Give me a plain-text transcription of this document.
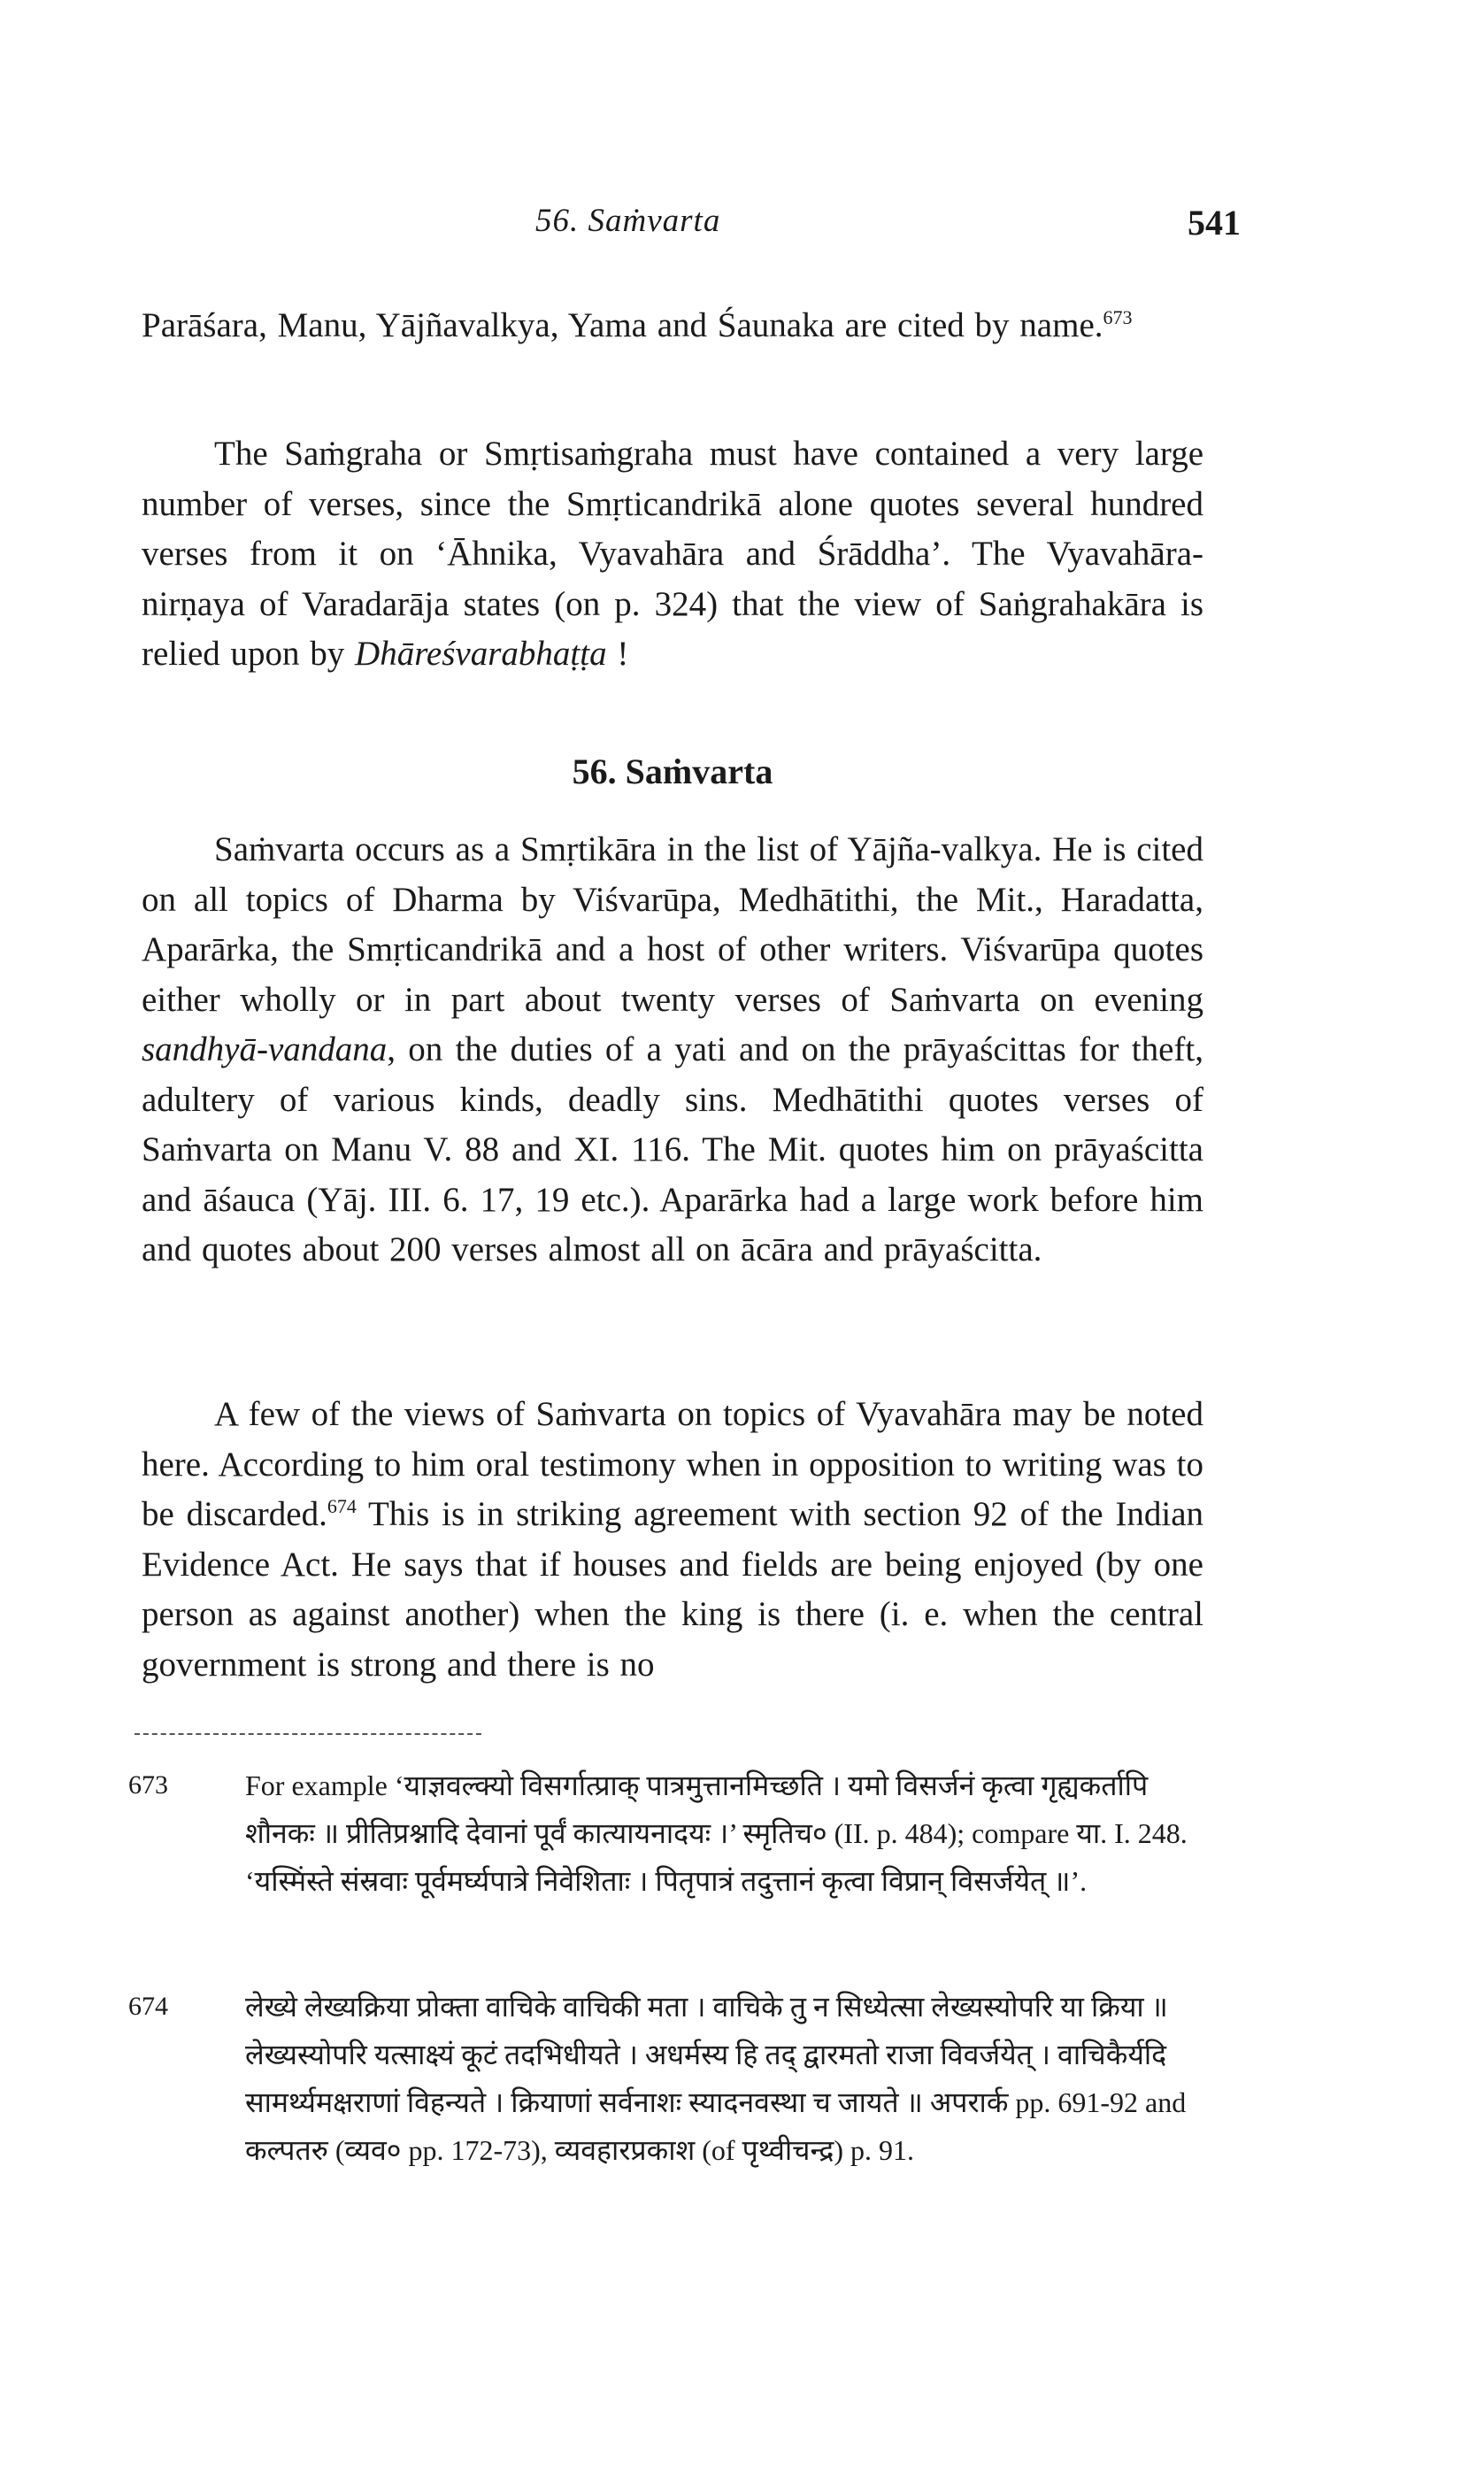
56. Saṁvarta	541
Parāśara, Manu, Yājñavalkya, Yama and Śaunaka are cited by name.$^{673}$
The Saṁgraha or Smṛtisaṁgraha must have contained a very large number of verses, since the Smṛticandrikā alone quotes several hundred verses from it on ‘Āhnika, Vyavahāra and Śrāddha’. The Vyavahāra-nirṇaya of Varadarāja states (on p. 324) that the view of Saṅgrahakāra is relied upon by Dhāreśvarabhaṭṭa !
56. Saṁvarta
Saṁvarta occurs as a Smṛtikāra in the list of Yājña-valkya. He is cited on all topics of Dharma by Viśvarūpa, Medhātithi, the Mit., Haradatta, Aparārka, the Smṛticandrikā and a host of other writers. Viśvarūpa quotes either wholly or in part about twenty verses of Saṁvarta on evening sandhyā-vandana, on the duties of a yati and on the prāyaścittas for theft, adultery of various kinds, deadly sins. Medhātithi quotes verses of Saṁvarta on Manu V. 88 and XI. 116. The Mit. quotes him on prāyaścitta and āśauca (Yāj. III. 6. 17, 19 etc.). Aparārka had a large work before him and quotes about 200 verses almost all on ācāra and prāyaścitta.
A few of the views of Saṁvarta on topics of Vyavahāra may be noted here. According to him oral testimony when in opposition to writing was to be discarded.$^{674}$ This is in striking agreement with section 92 of the Indian Evidence Act. He says that if houses and fields are being enjoyed (by one person as against another) when the king is there (i. e. when the central government is strong and there is no
673	For example ‘याज्ञवल्क्यो विसर्गात्प्राक् पात्रमुत्तानमिच्छति । यमो विसर्जनं कृत्वा गृह्यकर्तापि शौनकः ॥ प्रीतिप्रश्नादि देवानां पूर्वं कात्यायनादयः ।’ स्मृतिच० (II. p. 484); compare या. I. 248. ‘यस्मिंस्ते संस्रवाः पूर्वमर्घ्यपात्रे निवेशिताः । पितृपात्रं तदुत्तानं कृत्वा विप्रान् विसर्जयेत् ॥’.
674	लेख्ये लेख्यक्रिया प्रोक्ता वाचिके वाचिकी मता । वाचिके तु न सिध्येत्सा लेख्यस्योपरि या क्रिया ॥ लेख्यस्योपरि यत्साक्ष्यं कूटं तदभिधीयते । अधर्मस्य हि तद् द्वारमतो राजा विवर्जयेत् । वाचिकैर्यदि सामर्थ्यमक्षराणां विहन्यते । क्रियाणां सर्वनाशः स्यादनवस्था च जायते ॥ अपरार्क pp. 691-92 and कल्पतरु (व्यव० pp. 172-73), व्यवहारप्रकाश (of पृथ्वीचन्द्र) p. 91.
